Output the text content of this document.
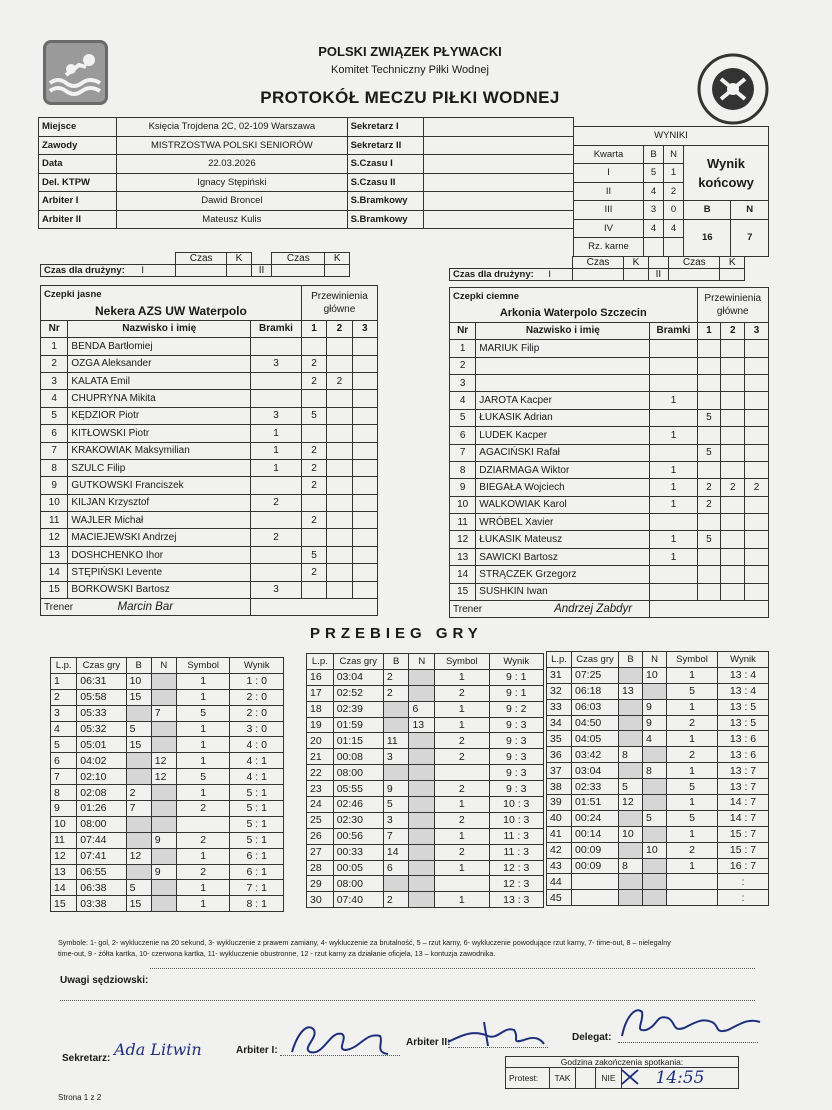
POLSKI ZWIĄZEK PŁYWACKI
Komitet Techniczny Piłki Wodnej
PROTOKÓŁ MECZU PIŁKI WODNEJ
Miejsce	Księcia Trojdena 2C, 02-109 Warszawa	Sekretarz I	
Zawody	MISTRZOSTWA POLSKI SENIORÓW	Sekretarz II	
Data	22.03.2026	S.Czasu I	
Del. KTPW	Ignacy Stępiński	S.Czasu II	
Arbiter I	Dawid Broncel	S.Bramkowy	
Arbiter II	Mateusz Kulis	S.Bramkowy	
WYNIKI				
Kwarta	B	N	Wynik końcowy	
I	5	1		
II	4	2		
III	3	0	B	N
IV	4	4	16	7
Rz. karne				
	Czas	K		Czas	K
Czas dla drużyny: I			II		
	Czas	K		Czas	K
Czas dla drużyny: I			II		
Czepki jasne			Przewinienia główne		
Nekera AZS UW Waterpolo					
Nr	Nazwisko i imię	Bramki	1	2	3
1	BENDA Bartłomiej				
2	OZGA Aleksander	3	2		
3	KALATA Emil		2	2	
4	CHUPRYNA Mikita				
5	KĘDZIOR Piotr	3	5		
6	KITŁOWSKI Piotr	1			
7	KRAKOWIAK Maksymilian	1	2		
8	SZULC Filip	1	2		
9	GUTKOWSKI Franciszek		2		
10	KILJAN Krzysztof	2			
11	WAJLER Michał		2		
12	MACIEJEWSKI Andrzej	2			
13	DOSHCHENKO Ihor		5		
14	STĘPIŃSKI Levente		2		
15	BORKOWSKI Bartosz	3			
Trener Marcin Bar					
Czepki ciemne			Przewinienia główne		
Arkonia Waterpolo Szczecin					
Nr	Nazwisko i imię	Bramki	1	2	3
1	MARIUK Filip				
2					
3					
4	JAROTA Kacper	1			
5	ŁUKASIK Adrian		5		
6	LUDEK Kacper	1			
7	AGACIŃSKI Rafał		5		
8	DZIARMAGA Wiktor	1			
9	BIEGAŁA Wojciech	1	2	2	2
10	WALKOWIAK Karol	1	2		
11	WRÓBEL Xavier				
12	ŁUKASIK Mateusz	1	5		
13	SAWICKI Bartosz	1			
14	STRĄCZEK Grzegorz				
15	SUSHKIN Iwan				
Trener Andrzej Zabdyr					
PRZEBIEG GRY
L.p.	Czas gry	B	N	Symbol	Wynik
1	06:31	10		1	1 : 0
2	05:58	15		1	2 : 0
3	05:33		7	5	2 : 0
4	05:32	5		1	3 : 0
5	05:01	15		1	4 : 0
6	04:02		12	1	4 : 1
7	02:10		12	5	4 : 1
8	02:08	2		1	5 : 1
9	01:26	7		2	5 : 1
10	08:00				5 : 1
11	07:44		9	2	5 : 1
12	07:41	12		1	6 : 1
13	06:55		9	2	6 : 1
14	06:38	5		1	7 : 1
15	03:38	15		1	8 : 1
L.p.	Czas gry	B	N	Symbol	Wynik
16	03:04	2		1	9 : 1
17	02:52	2		2	9 : 1
18	02:39		6	1	9 : 2
19	01:59		13	1	9 : 3
20	01:15	11		2	9 : 3
21	00:08	3		2	9 : 3
22	08:00				9 : 3
23	05:55	9		2	9 : 3
24	02:46	5		1	10 : 3
25	02:30	3		2	10 : 3
26	00:56	7		1	11 : 3
27	00:33	14		2	11 : 3
28	00:05	6		1	12 : 3
29	08:00				12 : 3
30	07:40	2		1	13 : 3
L.p.	Czas gry	B	N	Symbol	Wynik
31	07:25		10	1	13 : 4
32	06:18	13		5	13 : 4
33	06:03		9	1	13 : 5
34	04:50		9	2	13 : 5
35	04:05		4	1	13 : 6
36	03:42	8		2	13 : 6
37	03:04		8	1	13 : 7
38	02:33	5		5	13 : 7
39	01:51	12		1	14 : 7
40	00:24		5	5	14 : 7
41	00:14	10		1	15 : 7
42	00:09		10	2	15 : 7
43	00:09	8		1	16 : 7
44					:
45					:
Symbole: 1- gol, 2- wykluczenie na 20 sekund, 3- wykluczenie z prawem zamiany, 4- wykluczenie za brutalność, 5 – rzut karny, 6- wykluczenie powodujące rzut karny, 7- time-out, 8 – nielegalny
time-out, 9 - żółta kartka, 10- czerwona kartka, 11- wykluczenie obustronne, 12 - rzut karny za działanie oficjela, 13 – kontuzja zawodnika.
Uwagi sędziowski:
Sekretarz: Ada Litwin	Arbiter I:
Arbiter II:	Delegat:
Godzina zakończenia spotkania:
Protest:	TAK		NIE	14:55
Strona 1 z 2
